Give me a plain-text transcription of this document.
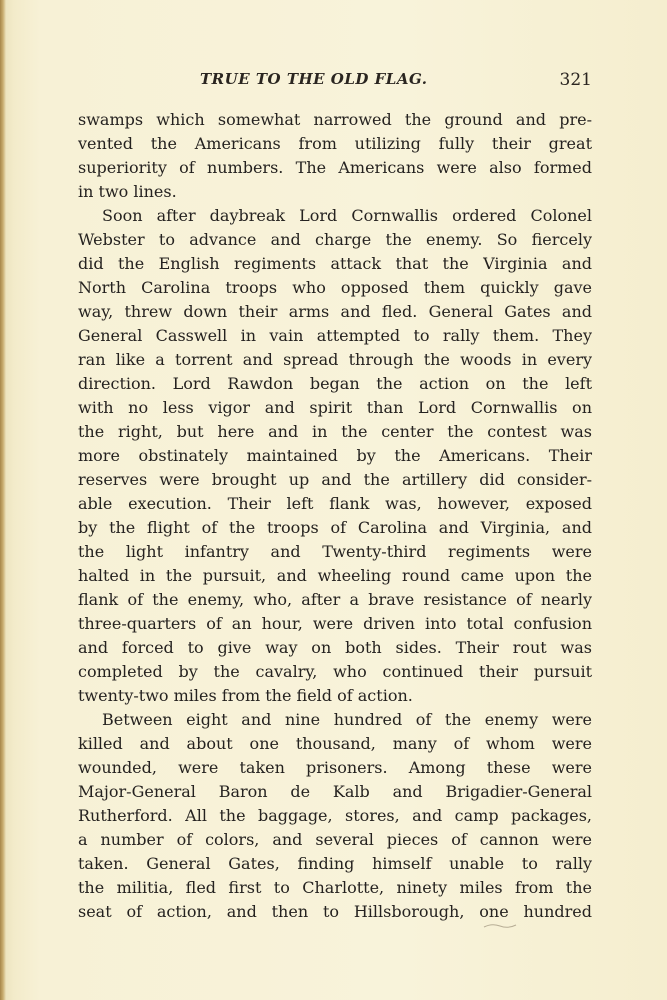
TRUE TO THE OLD FLAG.	321
swamps which somewhat narrowed the ground and pre-
vented the Americans from utilizing fully their great
superiority of numbers. The Americans were also formed
in two lines.
Soon after daybreak Lord Cornwallis ordered Colonel
Webster to advance and charge the enemy. So fiercely
did the English regiments attack that the Virginia and
North Carolina troops who opposed them quickly gave
way, threw down their arms and fled. General Gates and
General Casswell in vain attempted to rally them. They
ran like a torrent and spread through the woods in every
direction. Lord Rawdon began the action on the left
with no less vigor and spirit than Lord Cornwallis on
the right, but here and in the center the contest was
more obstinately maintained by the Americans. Their
reserves were brought up and the artillery did consider-
able execution. Their left flank was, however, exposed
by the flight of the troops of Carolina and Virginia, and
the light infantry and Twenty-third regiments were
halted in the pursuit, and wheeling round came upon the
flank of the enemy, who, after a brave resistance of nearly
three-quarters of an hour, were driven into total confusion
and forced to give way on both sides. Their rout was
completed by the cavalry, who continued their pursuit
twenty-two miles from the field of action.
Between eight and nine hundred of the enemy were
killed and about one thousand, many of whom were
wounded, were taken prisoners. Among these were
Major-General Baron de Kalb and Brigadier-General
Rutherford. All the baggage, stores, and camp packages,
a number of colors, and several pieces of cannon were
taken. General Gates, finding himself unable to rally
the militia, fled first to Charlotte, ninety miles from the
seat of action, and then to Hillsborough, one hundred
